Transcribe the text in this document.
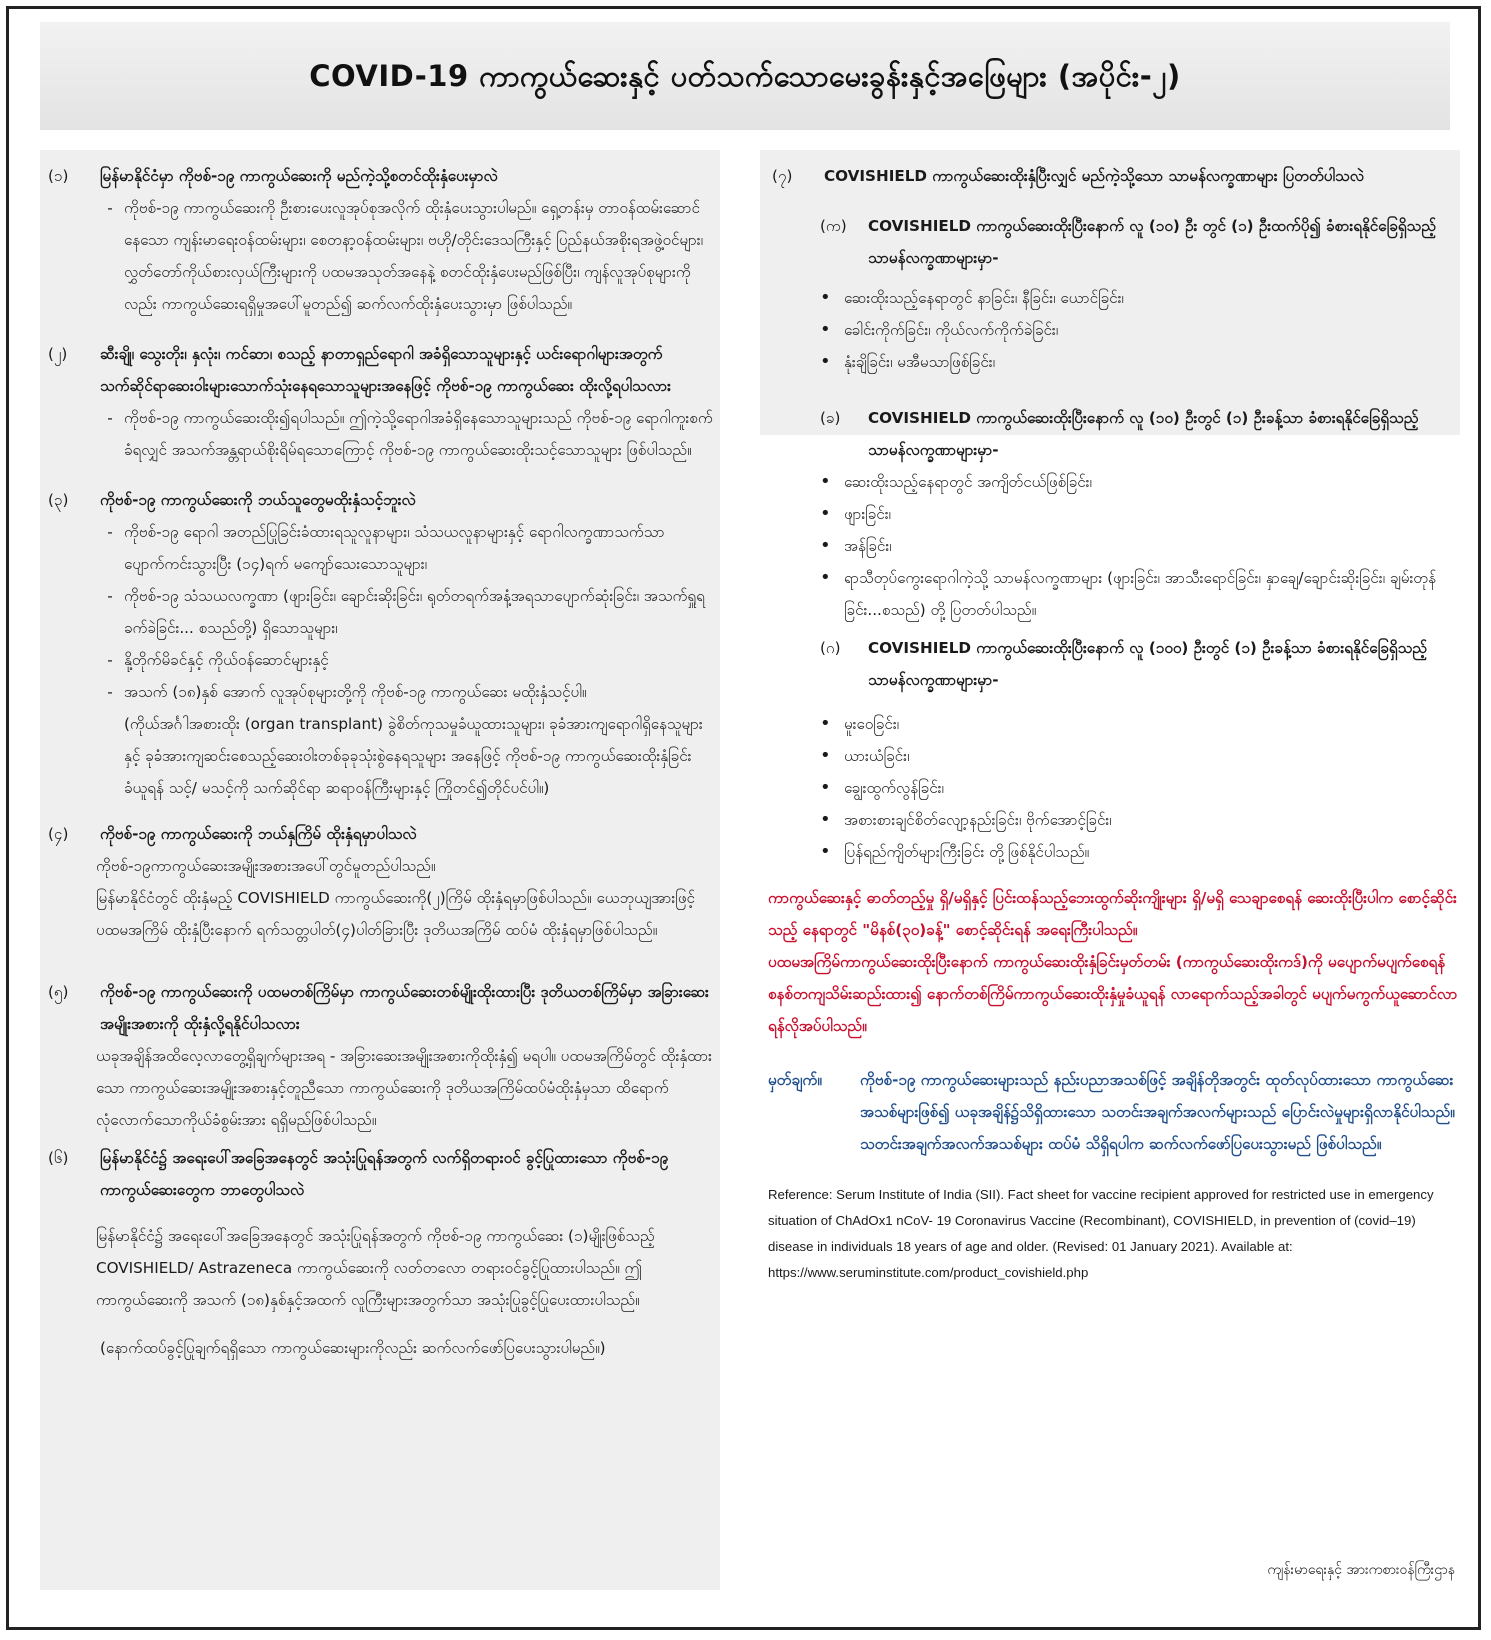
COVID-19 ကာကွယ်ဆေးနှင့် ပတ်သက်သောမေးခွန်းနှင့်အဖြေများ (အပိုင်း-၂)
(၁)	မြန်မာနိုင်ငံမှာ ကိုဗစ်-၁၉ ကာကွယ်ဆေးကို မည်ကဲ့သို့စတင်ထိုးနှံပေးမှာလဲ
- ကိုဗစ်-၁၉ ကာကွယ်ဆေးကို ဦးစားပေးလူအုပ်စုအလိုက် ထိုးနှံပေးသွားပါမည်။ ရှေ့တန်းမှ တာဝန်ထမ်းဆောင်နေသော ကျန်းမာရေးဝန်ထမ်းများ၊ စေတနာ့ဝန်ထမ်းများ၊ ဗဟို/တိုင်းဒေသကြီးနှင့် ပြည်နယ်အစိုးရအဖွဲ့ဝင်များ၊ လွှတ်တော်ကိုယ်စားလှယ်ကြီးများကို ပထမအသုတ်အနေနဲ့ စတင်ထိုးနှံပေးမည်ဖြစ်ပြီး၊ ကျန်လူအုပ်စုများကိုလည်း ကာကွယ်ဆေးရရှိမှုအပေါ်မူတည်၍ ဆက်လက်ထိုးနှံပေးသွားမှာ ဖြစ်ပါသည်။
(၂)	ဆီးချို၊ သွေးတိုး၊ နှလုံး၊ ကင်ဆာ၊ စသည့် နာတာရှည်ရောဂါ အခံရှိသောသူများနှင့် ယင်းရောဂါများအတွက် သက်ဆိုင်ရာဆေးဝါးများသောက်သုံးနေရသောသူများအနေဖြင့် ကိုဗစ်-၁၉ ကာကွယ်ဆေး ထိုးလို့ရပါသလား
- ကိုဗစ်-၁၉ ကာကွယ်ဆေးထိုး၍ရပါသည်။ ဤကဲ့သို့ရောဂါအခံရှိနေသောသူများသည် ကိုဗစ်-၁၉ ရောဂါကူးစက်ခံရလျှင် အသက်အန္တရာယ်စိုးရိမ်ရသောကြောင့် ကိုဗစ်-၁၉ ကာကွယ်ဆေးထိုးသင့်သောသူများ ဖြစ်ပါသည်။
(၃)	ကိုဗစ်-၁၉ ကာကွယ်ဆေးကို ဘယ်သူတွေမထိုးနှံသင့်ဘူးလဲ
- ကိုဗစ်-၁၉ ရောဂါ အတည်ပြုခြင်းခံထားရသူလူနာများ၊ သံသယလူနာများနှင့် ရောဂါလက္ခဏာသက်သာပျောက်ကင်းသွားပြီး (၁၄)ရက် မကျော်သေးသောသူများ၊
- ကိုဗစ်-၁၉ သံသယလက္ခဏာ (ဖျားခြင်း၊ ချောင်းဆိုးခြင်း၊ ရုတ်တရက်အနံ့အရသာပျောက်ဆုံးခြင်း၊ အသက်ရှူရခက်ခဲခြင်း... စသည်တို့) ရှိသောသူများ၊
- နို့တိုက်မိခင်နှင့် ကိုယ်ဝန်ဆောင်များနှင့်
- အသက် (၁၈)နှစ် အောက် လူအုပ်စုများတို့ကို ကိုဗစ်-၁၉ ကာကွယ်ဆေး မထိုးနှံသင့်ပါ။
(ကိုယ်အင်္ဂါအစားထိုး (organ transplant) ခွဲစိတ်ကုသမှုခံယူထားသူများ၊ ခုခံအားကျရောဂါရှိနေသူများနှင့် ခုခံအားကျဆင်းစေသည့်ဆေးဝါးတစ်ခုခုသုံးစွဲနေရသူများ အနေဖြင့် ကိုဗစ်-၁၉ ကာကွယ်ဆေးထိုးနှံခြင်းခံယူရန် သင့်/ မသင့်ကို သက်ဆိုင်ရာ ဆရာဝန်ကြီးများနှင့် ကြိုတင်၍တိုင်ပင်ပါ။)
(၄)	ကိုဗစ်-၁၉ ကာကွယ်ဆေးကို ဘယ်နှကြိမ် ထိုးနှံရမှာပါသလဲ
ကိုဗစ်-၁၉ကာကွယ်ဆေးအမျိုးအစားအပေါ်တွင်မူတည်ပါသည်။
မြန်မာနိုင်ငံတွင် ထိုးနှံမည့် COVISHIELD ကာကွယ်ဆေးကို(၂)ကြိမ် ထိုးနှံရမှာဖြစ်ပါသည်။ ယေဘုယျအားဖြင့် ပထမအကြိမ် ထိုးနှံပြီးနောက် ရက်သတ္တပါတ်(၄)ပါတ်ခြားပြီး ဒုတိယအကြိမ် ထပ်မံ ထိုးနှံရမှာဖြစ်ပါသည်။
(၅)	ကိုဗစ်-၁၉ ကာကွယ်ဆေးကို ပထမတစ်ကြိမ်မှာ ကာကွယ်ဆေးတစ်မျိုးထိုးထားပြီး ဒုတိယတစ်ကြိမ်မှာ အခြားဆေးအမျိုးအစားကို ထိုးနှံလို့ရနိုင်ပါသလား
ယခုအချိန်အထိလေ့လာတွေ့ရှိချက်များအရ - အခြားဆေးအမျိုးအစားကိုထိုးနှံ၍ မရပါ။ ပထမအကြိမ်တွင် ထိုးနှံထားသော ကာကွယ်ဆေးအမျိုးအစားနှင့်တူညီသော ကာကွယ်ဆေးကို ဒုတိယအကြိမ်ထပ်မံထိုးနှံမှသာ ထိရောက်လုံလောက်သောကိုယ်ခံစွမ်းအား ရရှိမည်ဖြစ်ပါသည်။
(၆)	မြန်မာနိုင်ငံ၌ အရေးပေါ်အခြေအနေတွင် အသုံးပြုရန်အတွက် လက်ရှိတရားဝင် ခွင့်ပြုထားသော ကိုဗစ်-၁၉ ကာကွယ်ဆေးတွေက ဘာတွေပါသလဲ
မြန်မာနိုင်ငံ၌ အရေးပေါ်အခြေအနေတွင် အသုံးပြုရန်အတွက် ကိုဗစ်-၁၉ ကာကွယ်ဆေး (၁)မျိုးဖြစ်သည့် COVISHIELD/ Astrazeneca ကာကွယ်ဆေးကို လတ်တလော တရားဝင်ခွင့်ပြုထားပါသည်။ ဤကာကွယ်ဆေးကို အသက် (၁၈)နှစ်နှင့်အထက် လူကြီးများအတွက်သာ အသုံးပြုခွင့်ပြုပေးထားပါသည်။
(နောက်ထပ်ခွင့်ပြုချက်ရရှိသော ကာကွယ်ဆေးများကိုလည်း ဆက်လက်ဖော်ပြပေးသွားပါမည်။)
(၇)	COVISHIELD ကာကွယ်ဆေးထိုးနှံပြီးလျှင် မည်ကဲ့သို့သော သာမန်လက္ခဏာများ ပြတတ်ပါသလဲ
(က)	COVISHIELD ကာကွယ်ဆေးထိုးပြီးနောက် လူ (၁၀) ဦး တွင် (၁) ဦးထက်ပို၍ ခံစားရနိုင်ခြေရှိသည့် သာမန်လက္ခဏာများမှာ-
• ဆေးထိုးသည့်နေရာတွင် နာခြင်း၊ နီခြင်း၊ ယောင်ခြင်း၊
• ခေါင်းကိုက်ခြင်း၊ ကိုယ်လက်ကိုက်ခဲခြင်း၊
• နုံးချိခြင်း၊ မအီမသာဖြစ်ခြင်း၊
(ခ)	COVISHIELD ကာကွယ်ဆေးထိုးပြီးနောက် လူ (၁၀) ဦးတွင် (၁) ဦးခန့်သာ ခံစားရနိုင်ခြေရှိသည့် သာမန်လက္ခဏာများမှာ-
• ဆေးထိုးသည့်နေရာတွင် အကျိတ်ငယ်ဖြစ်ခြင်း၊
• ဖျားခြင်း၊
• အန်ခြင်း၊
• ရာသီတုပ်ကွေးရောဂါကဲ့သို့ သာမန်လက္ခဏာများ (ဖျားခြင်း၊ အာသီးရောင်ခြင်း၊ နှာချေ/ချောင်းဆိုးခြင်း၊ ချမ်းတုန်ခြင်း...စသည်) တို့ ပြတတ်ပါသည်။
(ဂ)	COVISHIELD ကာကွယ်ဆေးထိုးပြီးနောက် လူ (၁၀၀) ဦးတွင် (၁) ဦးခန့်သာ ခံစားရနိုင်ခြေရှိသည့် သာမန်လက္ခဏာများမှာ-
• မူးဝေခြင်း၊
• ယားယံခြင်း၊
• ချွေးထွက်လွန်ခြင်း၊
• အစားစားချင်စိတ်လျော့နည်းခြင်း၊ ဗိုက်အောင့်ခြင်း၊
• ပြန်ရည်ကျိတ်များကြီးခြင်း တို့ဖြစ်နိုင်ပါသည်။
ကာကွယ်ဆေးနှင့် ဓာတ်တည့်မှု ရှိ/မရှိနှင့် ပြင်းထန်သည့်ဘေးထွက်ဆိုးကျိုးများ ရှိ/မရှိ သေချာစေရန် ဆေးထိုးပြီးပါက စောင့်ဆိုင်းသည့် နေရာတွင် "မိနစ်(၃၀)ခန့်" စောင့်ဆိုင်းရန် အရေးကြီးပါသည်။
ပထမအကြိမ်ကာကွယ်ဆေးထိုးပြီးနောက် ကာကွယ်ဆေးထိုးနှံခြင်းမှတ်တမ်း (ကာကွယ်ဆေးထိုးကဒ်)ကို မပျောက်မပျက်စေရန် စနစ်တကျသိမ်းဆည်းထား၍ နောက်တစ်ကြိမ်ကာကွယ်ဆေးထိုးနှံမှုခံယူရန် လာရောက်သည့်အခါတွင် မပျက်မကွက်ယူဆောင်လာရန်လိုအပ်ပါသည်။
မှတ်ချက်။	ကိုဗစ်-၁၉ ကာကွယ်ဆေးများသည် နည်းပညာအသစ်ဖြင့် အချိန်တိုအတွင်း ထုတ်လုပ်ထားသော ကာကွယ်ဆေးအသစ်များဖြစ်၍ ယခုအချိန်၌သိရှိထားသော သတင်းအချက်အလက်များသည် ပြောင်းလဲမှုများရှိလာနိုင်ပါသည်။ သတင်းအချက်အလက်အသစ်များ ထပ်မံ သိရှိရပါက ဆက်လက်ဖော်ပြပေးသွားမည် ဖြစ်ပါသည်။
Reference: Serum Institute of India (SII). Fact sheet for vaccine recipient approved for restricted use in emergency situation of ChAdOx1 nCoV- 19 Coronavirus Vaccine (Recombinant), COVISHIELD, in prevention of (covid–19) disease in individuals 18 years of age and older. (Revised: 01 January 2021). Available at: https://www.seruminstitute.com/product_covishield.php
ကျန်းမာရေးနှင့် အားကစားဝန်ကြီးဌာန
